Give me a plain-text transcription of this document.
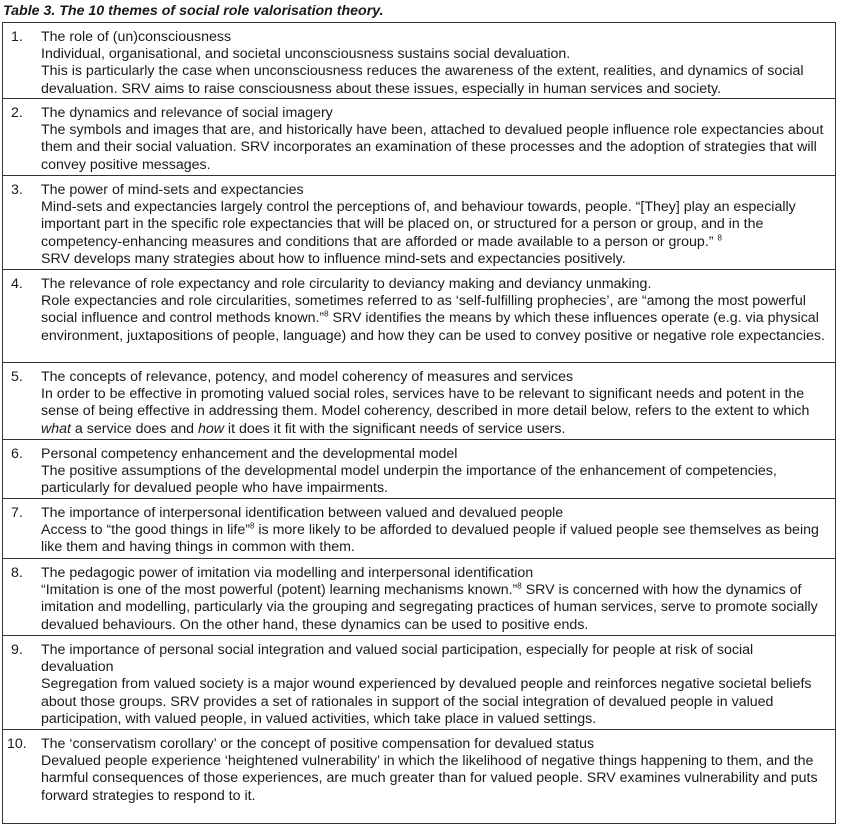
Table 3. The 10 themes of social role valorisation theory.
1. The role of (un)consciousness

Individual, organisational, and societal unconsciousness sustains social devaluation.

This is particularly the case when unconsciousness reduces the awareness of the extent, realities, and dynamics of social devaluation. SRV aims to raise consciousness about these issues, especially in human services and society.

2. The dynamics and relevance of social imagery

The symbols and images that are, and historically have been, attached to devalued people influence role expectancies about them and their social valuation. SRV incorporates an examination of these processes and the adoption of strategies that will convey positive messages.

3. The power of mind-sets and expectancies

Mind-sets and expectancies largely control the perceptions of, and behaviour towards, people. “[They] play an especially important part in the specific role expectancies that will be placed on, or structured for a person or group, and in the competency-enhancing measures and conditions that are afforded or made available to a person or group.” $^8$

SRV develops many strategies about how to influence mind-sets and expectancies positively.

4. The relevance of role expectancy and role circularity to deviancy making and deviancy unmaking.

Role expectancies and role circularities, sometimes referred to as ‘self-fulfilling prophecies’, are “among the most powerful social influence and control methods known.”$^8$ SRV identifies the means by which these influences operate (e.g. via physical environment, juxtapositions of people, language) and how they can be used to convey positive or negative role expectancies.

5. The concepts of relevance, potency, and model coherency of measures and services

In order to be effective in promoting valued social roles, services have to be relevant to significant needs and potent in the sense of being effective in addressing them. Model coherency, described in more detail below, refers to the extent to which what a service does and how it does it fit with the significant needs of service users.

6. Personal competency enhancement and the developmental model

The positive assumptions of the developmental model underpin the importance of the enhancement of competencies, particularly for devalued people who have impairments.

7. The importance of interpersonal identification between valued and devalued people

Access to “the good things in life”$^8$ is more likely to be afforded to devalued people if valued people see themselves as being like them and having things in common with them.

8. The pedagogic power of imitation via modelling and interpersonal identification

“Imitation is one of the most powerful (potent) learning mechanisms known.”$^8$ SRV is concerned with how the dynamics of imitation and modelling, particularly via the grouping and segregating practices of human services, serve to promote socially devalued behaviours. On the other hand, these dynamics can be used to positive ends.

9. The importance of personal social integration and valued social participation, especially for people at risk of social devaluation

Segregation from valued society is a major wound experienced by devalued people and reinforces negative societal beliefs about those groups. SRV provides a set of rationales in support of the social integration of devalued people in valued participation, with valued people, in valued activities, which take place in valued settings.

10. The ‘conservatism corollary’ or the concept of positive compensation for devalued status

Devalued people experience ‘heightened vulnerability’ in which the likelihood of negative things happening to them, and the harmful consequences of those experiences, are much greater than for valued people. SRV examines vulnerability and puts forward strategies to respond to it.
